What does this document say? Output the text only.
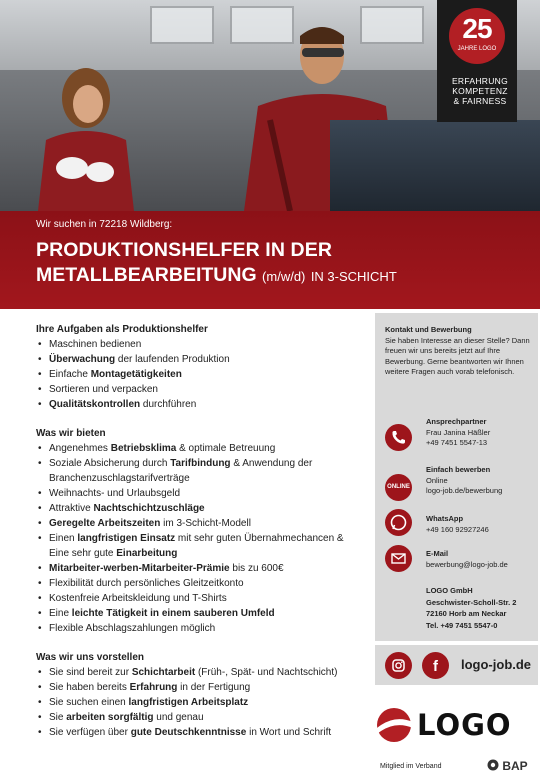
25
JAHRE LOGO
ERFAHRUNG
KOMPETENZ
& FAIRNESS
Wir suchen in 72218 Wildberg:
PRODUKTIONSHELFER IN DER
METALLBEARBEITUNG (m/w/d) IN 3-SCHICHT
Ihre Aufgaben als Produktionshelfer
• Maschinen bedienen
• Überwachung der laufenden Produktion
• Einfache Montagetätigkeiten
• Sortieren und verpacken
• Qualitätskontrollen durchführen
Was wir bieten
• Angenehmes Betriebsklima & optimale Betreuung
• Soziale Absicherung durch Tarifbindung & Anwendung der Branchenzuschlagstarifverträge
• Weihnachts- und Urlaubsgeld
• Attraktive Nachtschichtzuschläge
• Geregelte Arbeitszeiten im 3-Schicht-Modell
• Einen langfristigen Einsatz mit sehr guten Übernahmechancen & Eine sehr gute Einarbeitung
• Mitarbeiter-werben-Mitarbeiter-Prämie bis zu 600€
• Flexibilität durch persönliches Gleitzeitkonto
• Kostenfreie Arbeitskleidung und T-Shirts
• Eine leichte Tätigkeit in einem sauberen Umfeld
• Flexible Abschlagszahlungen möglich
Was wir uns vorstellen
• Sie sind bereit zur Schichtarbeit (Früh-, Spät- und Nachtschicht)
• Sie haben bereits Erfahrung in der Fertigung
• Sie suchen einen langfristigen Arbeitsplatz
• Sie arbeiten sorgfältig und genau
• Sie verfügen über gute Deutschkenntnisse in Wort und Schrift
Kontakt und Bewerbung
Sie haben Interesse an dieser Stelle? Dann freuen wir uns bereits jetzt auf Ihre Bewerbung. Gerne beantworten wir Ihnen weitere Fragen auch vorab telefonisch.
Ansprechpartner
Frau Janina Häßler
+49 7451 5547-13
ONLINE
Einfach bewerben
Online
logo-job.de/bewerbung
WhatsApp
+49 160 92927246
E-Mail
bewerbung@logo-job.de
LOGO GmbH
Geschwister-Scholl-Str. 2
72160 Horb am Neckar
Tel. +49 7451 5547-0
f logo-job.de
LOGO
Mitglied im Verband	BAP
